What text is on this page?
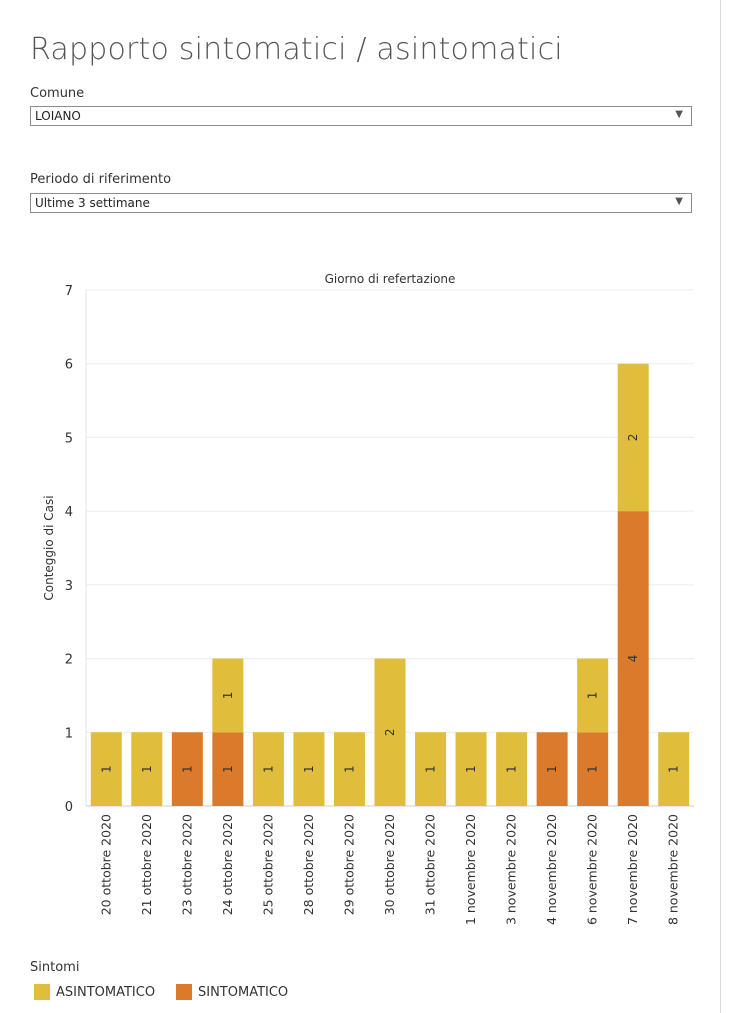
Rapporto sintomatici / asintomatici
Comune
LOIANO	▼
Periodo di riferimento
Ultime 3 settimane	▼
Giorno di refertazione
Conteggio di Casi
0
1
2
3
4
5
6
7
1
20 ottobre 2020
1
21 ottobre 2020
1
23 ottobre 2020
1
1
24 ottobre 2020
1
25 ottobre 2020
1
28 ottobre 2020
1
29 ottobre 2020
2
30 ottobre 2020
1
31 ottobre 2020
1
1 novembre 2020
1
3 novembre 2020
1
4 novembre 2020
1
1
6 novembre 2020
4
2
7 novembre 2020
1
8 novembre 2020
Sintomi
ASINTOMATICO	SINTOMATICO
